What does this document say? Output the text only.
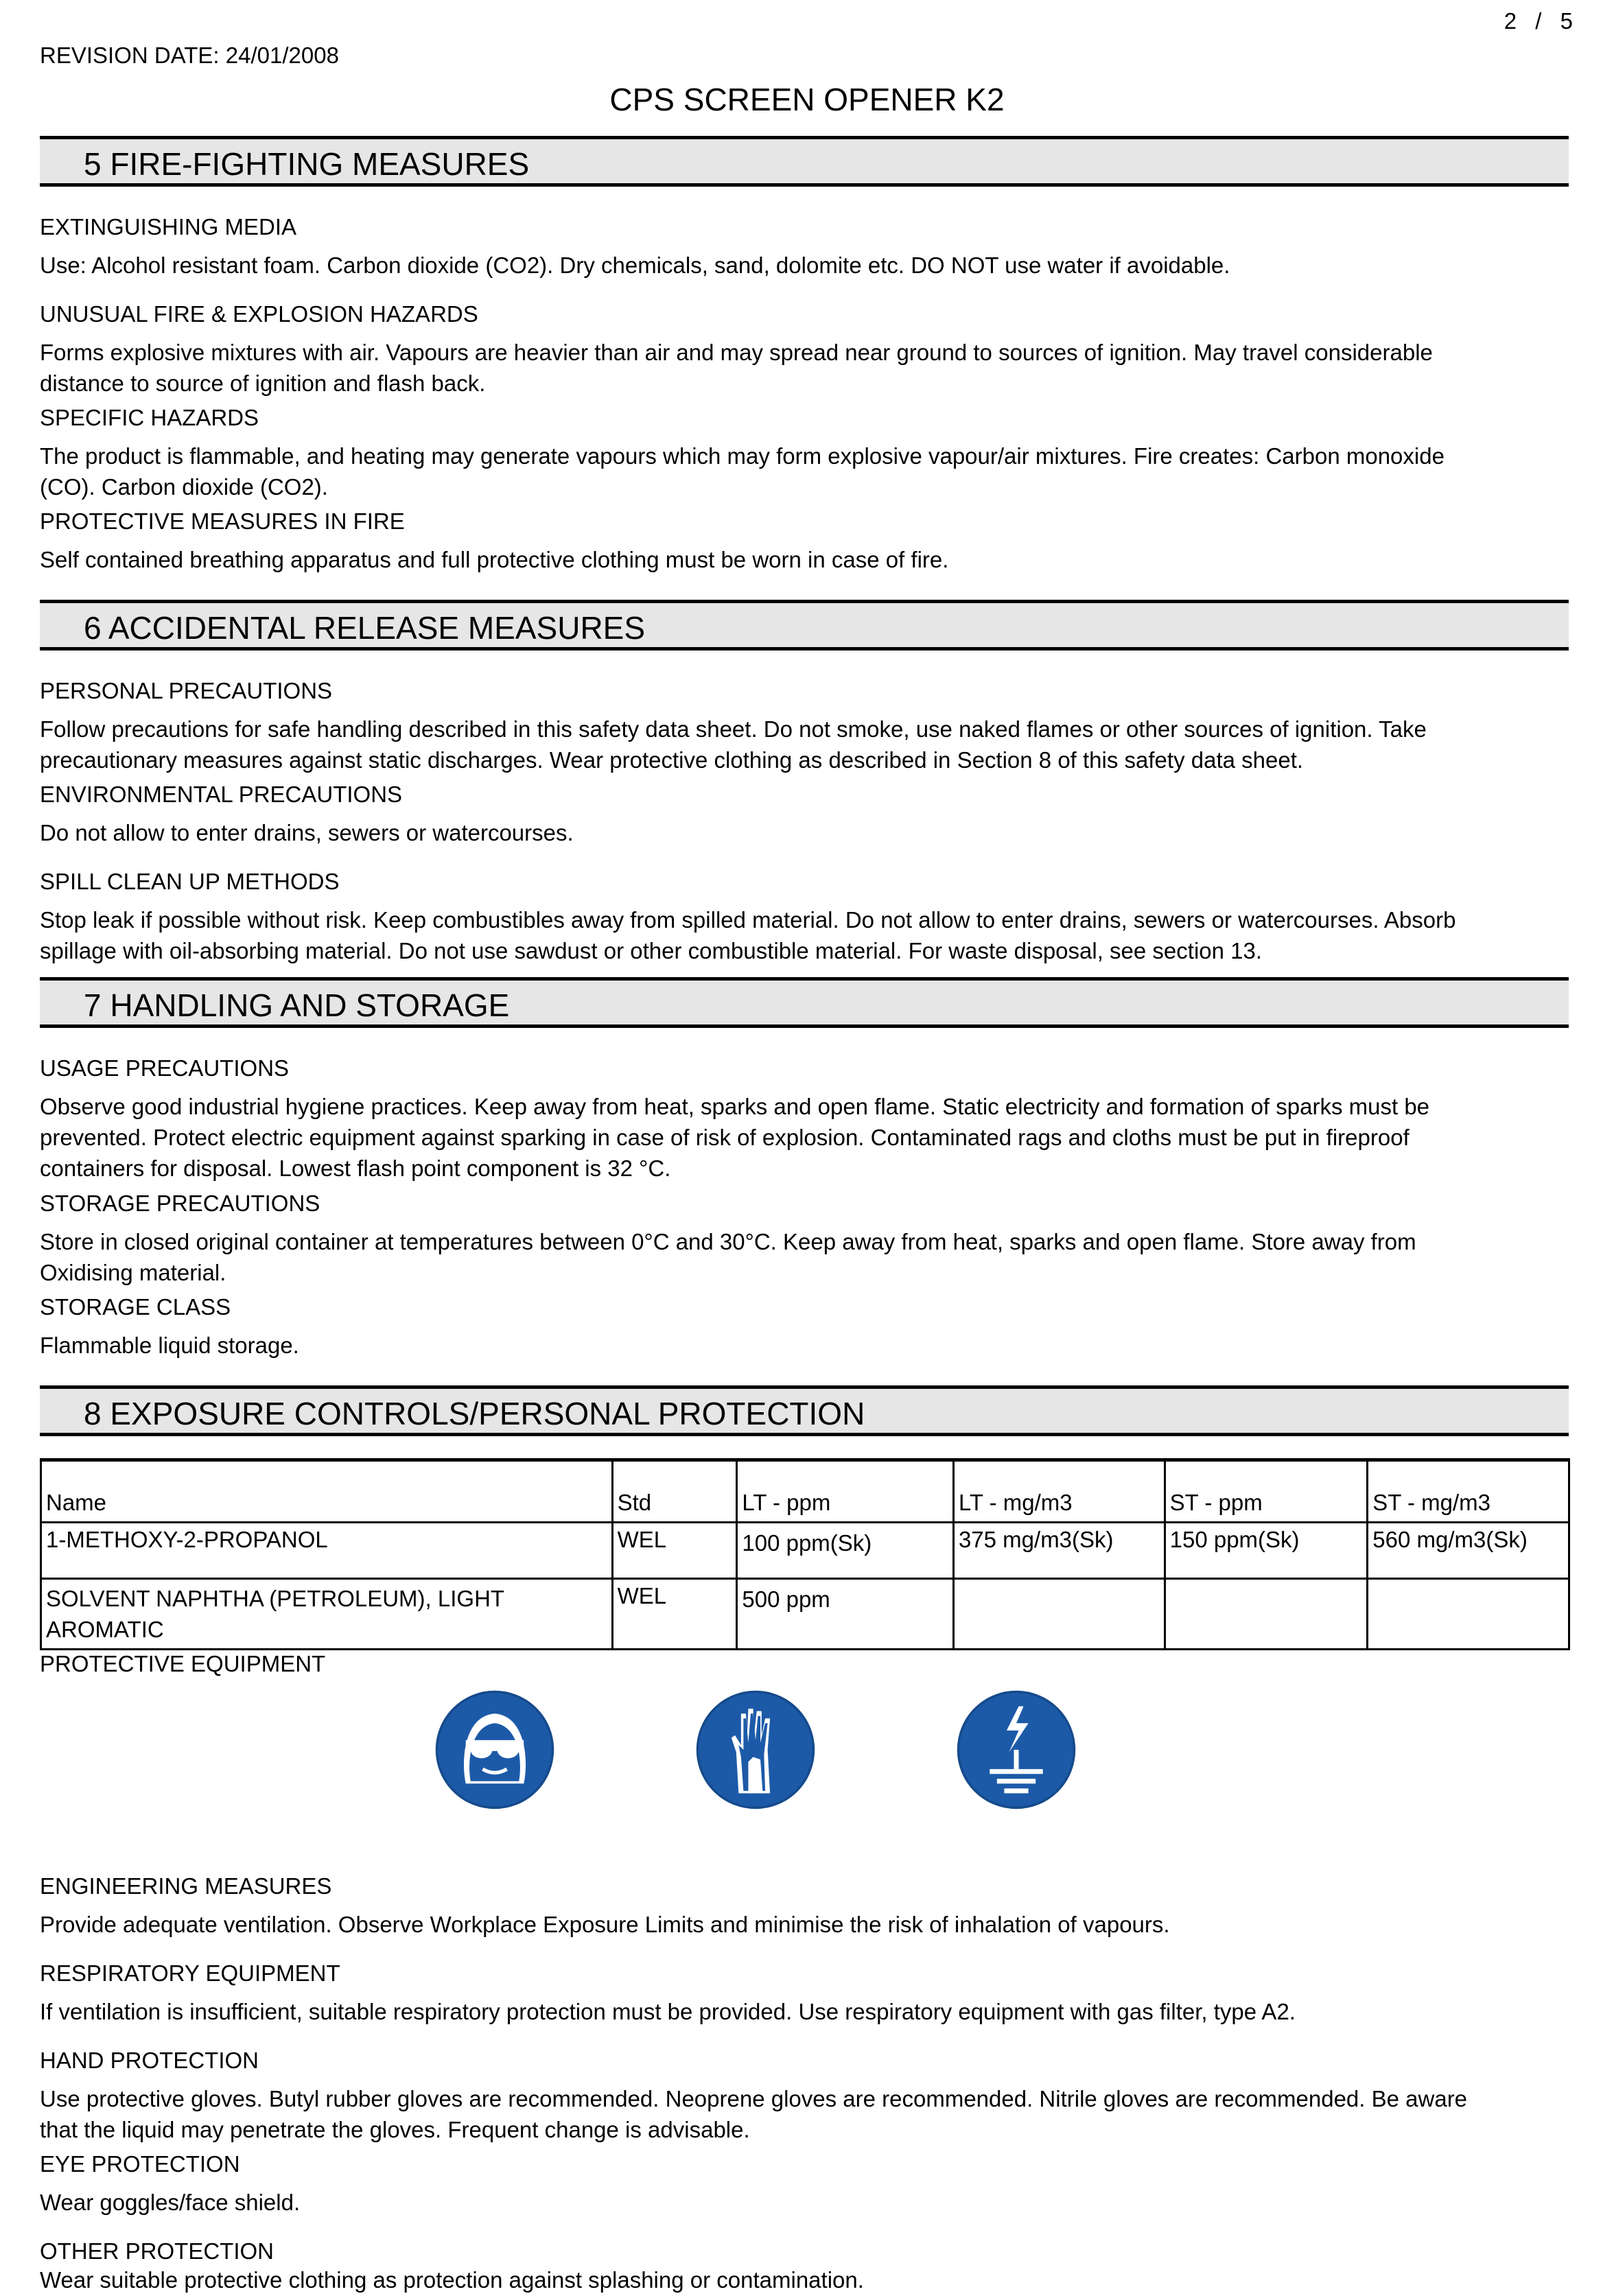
2 / 5
REVISION DATE: 24/01/2008
CPS SCREEN OPENER K2
5 FIRE-FIGHTING MEASURES
EXTINGUISHING MEDIA
Use: Alcohol resistant foam. Carbon dioxide (CO2). Dry chemicals, sand, dolomite etc. DO NOT use water if avoidable.
UNUSUAL FIRE & EXPLOSION HAZARDS
Forms explosive mixtures with air. Vapours are heavier than air and may spread near ground to sources of ignition. May travel considerable distance to source of ignition and flash back.
SPECIFIC HAZARDS
The product is flammable, and heating may generate vapours which may form explosive vapour/air mixtures. Fire creates: Carbon monoxide (CO). Carbon dioxide (CO2).
PROTECTIVE MEASURES IN FIRE
Self contained breathing apparatus and full protective clothing must be worn in case of fire.
6 ACCIDENTAL RELEASE MEASURES
PERSONAL PRECAUTIONS
Follow precautions for safe handling described in this safety data sheet. Do not smoke, use naked flames or other sources of ignition. Take precautionary measures against static discharges. Wear protective clothing as described in Section 8 of this safety data sheet.
ENVIRONMENTAL PRECAUTIONS
Do not allow to enter drains, sewers or watercourses.
SPILL CLEAN UP METHODS
Stop leak if possible without risk. Keep combustibles away from spilled material. Do not allow to enter drains, sewers or watercourses. Absorb spillage with oil-absorbing material. Do not use sawdust or other combustible material. For waste disposal, see section 13.
7 HANDLING AND STORAGE
USAGE PRECAUTIONS
Observe good industrial hygiene practices. Keep away from heat, sparks and open flame. Static electricity and formation of sparks must be prevented. Protect electric equipment against sparking in case of risk of explosion. Contaminated rags and cloths must be put in fireproof containers for disposal. Lowest flash point component is 32 °C.
STORAGE PRECAUTIONS
Store in closed original container at temperatures between 0°C and 30°C. Keep away from heat, sparks and open flame. Store away from Oxidising material.
STORAGE CLASS
Flammable liquid storage.
8 EXPOSURE CONTROLS/PERSONAL PROTECTION
Name	Std	LT - ppm	LT - mg/m3	ST - ppm	ST - mg/m3
1-METHOXY-2-PROPANOL	WEL	100 ppm(Sk)	375 mg/m3(Sk)	150 ppm(Sk)	560 mg/m3(Sk)
SOLVENT NAPHTHA (PETROLEUM), LIGHT AROMATIC	WEL	500 ppm			
PROTECTIVE EQUIPMENT
ENGINEERING MEASURES
Provide adequate ventilation. Observe Workplace Exposure Limits and minimise the risk of inhalation of vapours.
RESPIRATORY EQUIPMENT
If ventilation is insufficient, suitable respiratory protection must be provided. Use respiratory equipment with gas filter, type A2.
HAND PROTECTION
Use protective gloves. Butyl rubber gloves are recommended. Neoprene gloves are recommended. Nitrile gloves are recommended. Be aware that the liquid may penetrate the gloves. Frequent change is advisable.
EYE PROTECTION
Wear goggles/face shield.
OTHER PROTECTION
Wear suitable protective clothing as protection against splashing or contamination.
